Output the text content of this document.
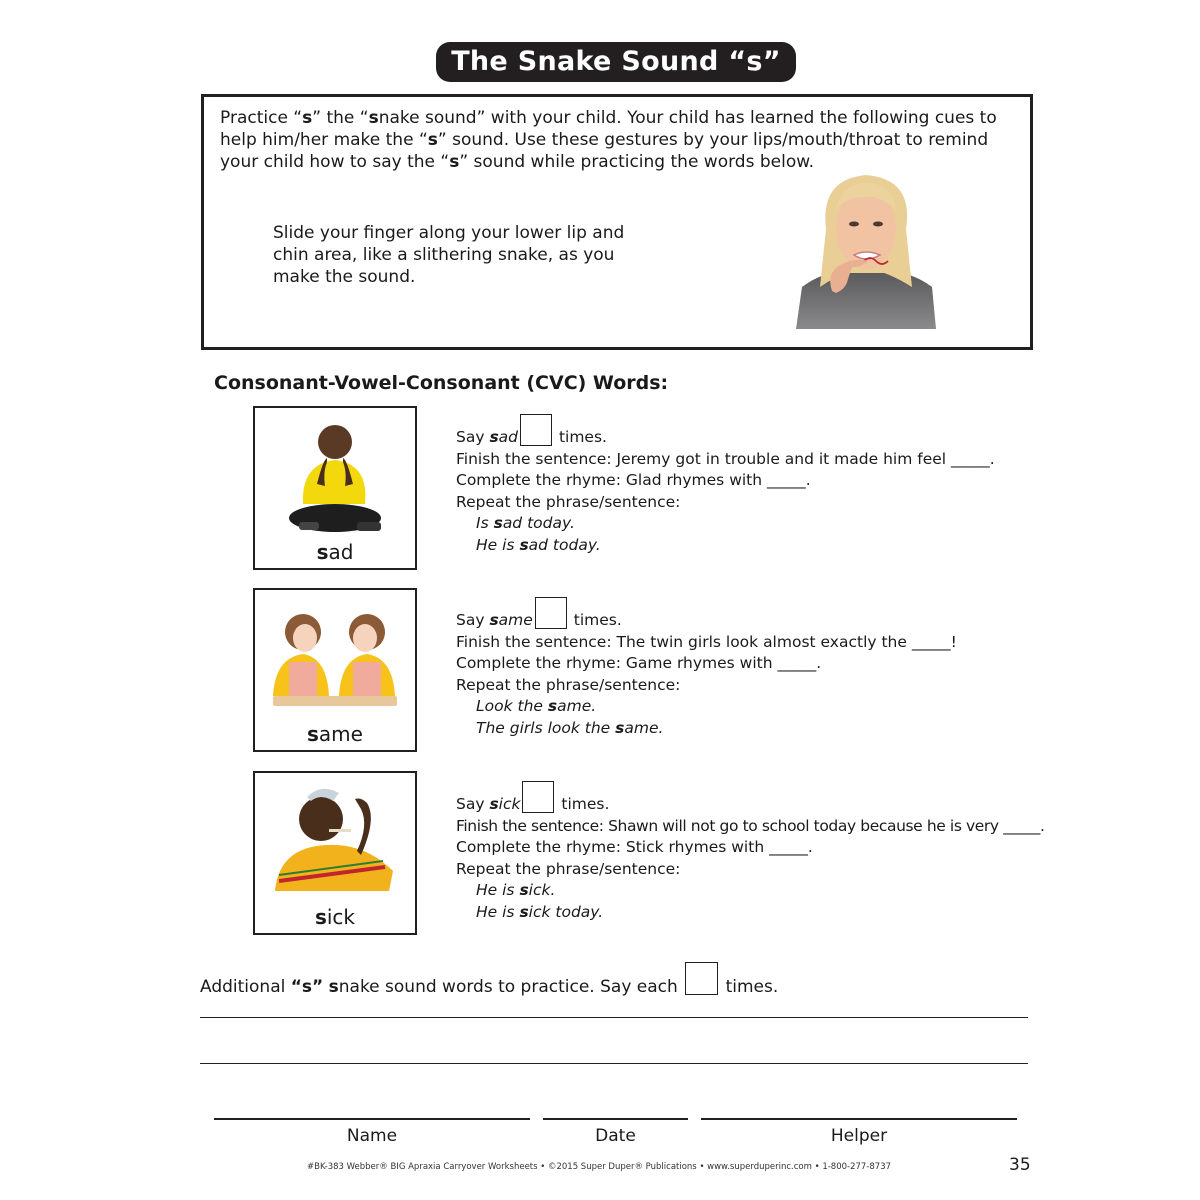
The Snake Sound “s”
Practice “s” the “snake sound” with your child. Your child has learned the following cues to help him/her make the “s” sound. Use these gestures by your lips/mouth/throat to remind your child how to say the “s” sound while practicing the words below.
Slide your finger along your lower lip and chin area, like a slithering snake, as you make the sound.
Consonant-Vowel-Consonant (CVC) Words:
sad
Say sad times.
Finish the sentence: Jeremy got in trouble and it made him feel _____.
Complete the rhyme: Glad rhymes with _____.
Repeat the phrase/sentence:
Is sad today.
He is sad today.
same
Say same times.
Finish the sentence: The twin girls look almost exactly the _____!
Complete the rhyme: Game rhymes with _____.
Repeat the phrase/sentence:
Look the same.
The girls look the same.
sick
Say sick times.
Finish the sentence: Shawn will not go to school today because he is very _____.
Complete the rhyme: Stick rhymes with _____.
Repeat the phrase/sentence:
He is sick.
He is sick today.
Additional “s” snake sound words to practice. Say each  times.
Name	Date	Helper
#BK-383 Webber® BIG Apraxia Carryover Worksheets • ©2015 Super Duper® Publications • www.superduperinc.com • 1-800-277-8737	35
